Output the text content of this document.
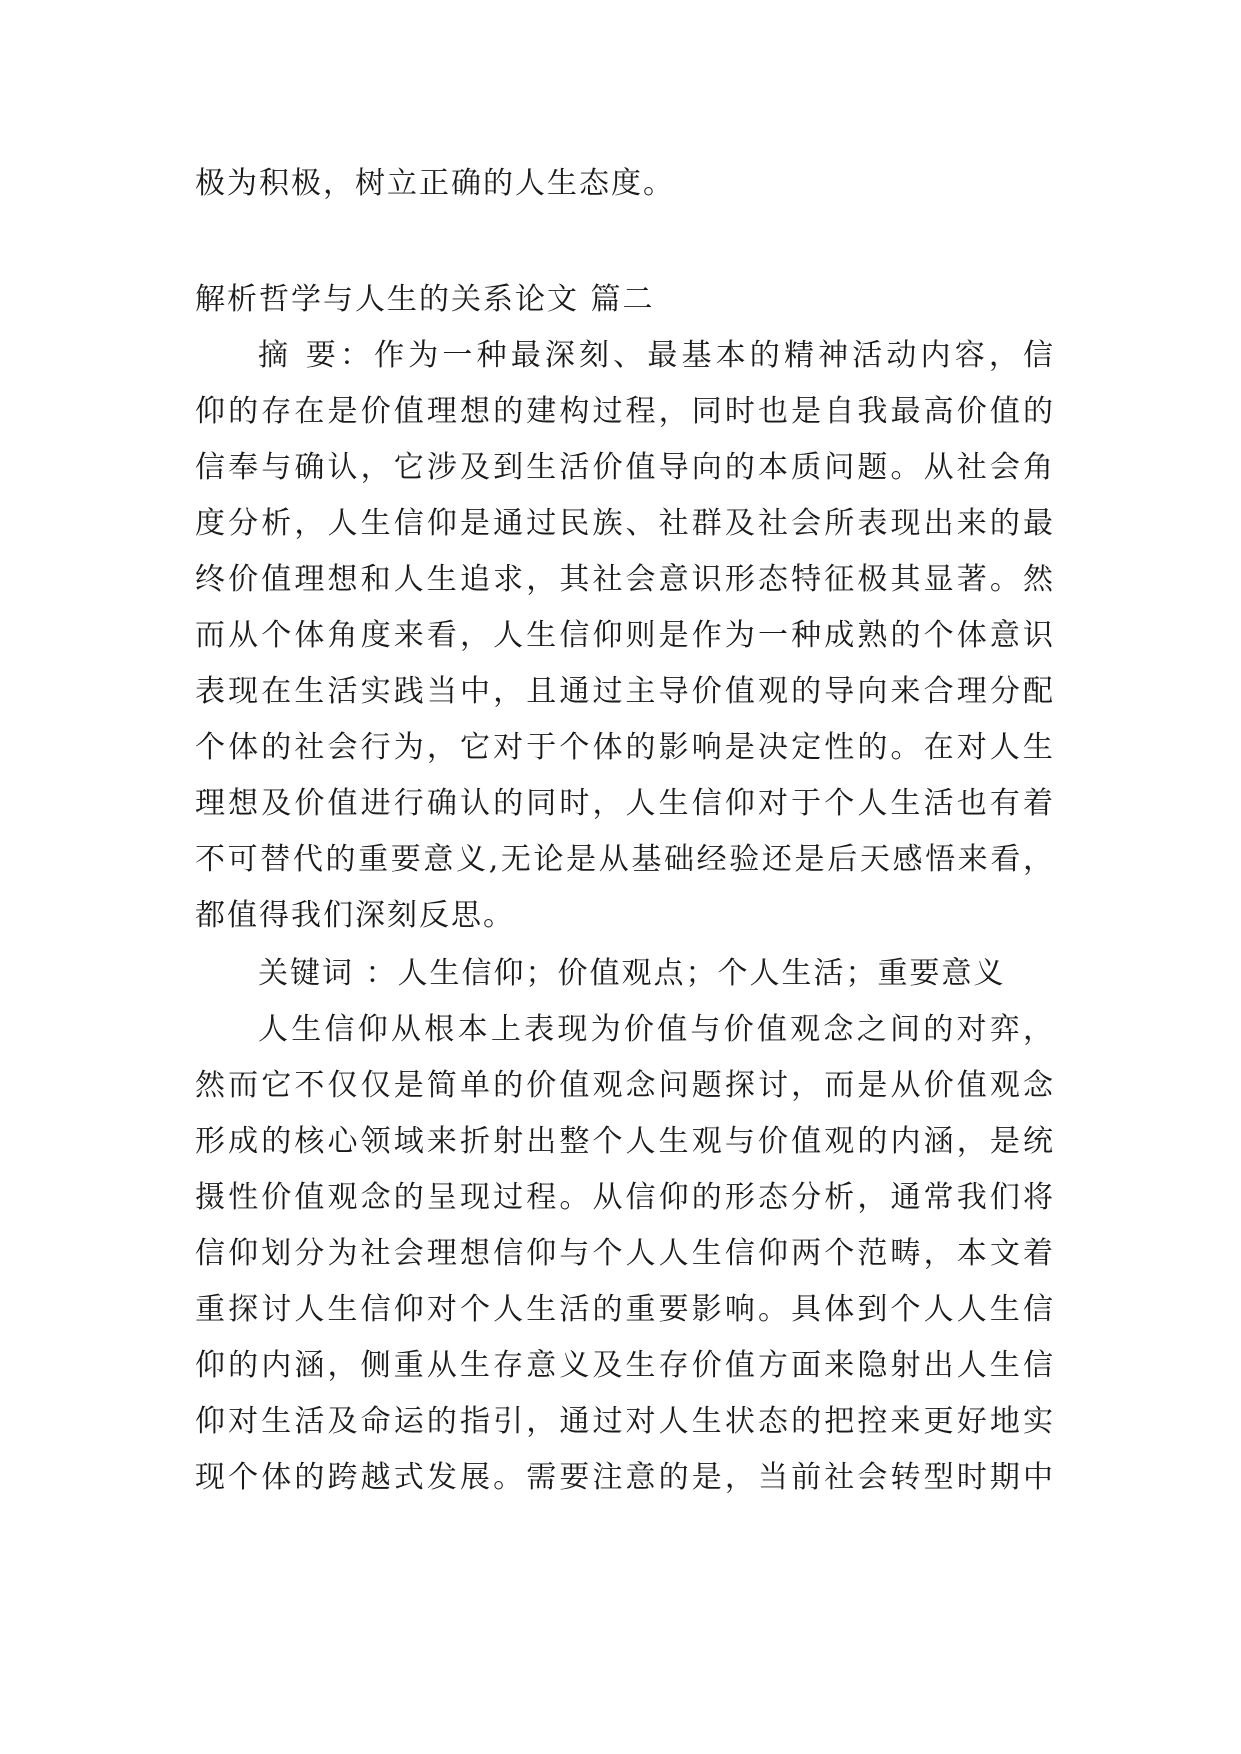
极为积极，树立正确的人生态度。
解析哲学与人生的关系论文 篇二
摘 要：作为一种最深刻、最基本的精神活动内容，信
仰的存在是价值理想的建构过程，同时也是自我最高价值的
信奉与确认，它涉及到生活价值导向的本质问题。从社会角
度分析，人生信仰是通过民族、社群及社会所表现出来的最
终价值理想和人生追求，其社会意识形态特征极其显著。然
而从个体角度来看，人生信仰则是作为一种成熟的个体意识
表现在生活实践当中，且通过主导价值观的导向来合理分配
个体的社会行为，它对于个体的影响是决定性的。在对人生
理想及价值进行确认的同时，人生信仰对于个人生活也有着
不可替代的重要意义,无论是从基础经验还是后天感悟来看，
都值得我们深刻反思。
关键词 ：人生信仰；价值观点；个人生活；重要意义
人生信仰从根本上表现为价值与价值观念之间的对弈，
然而它不仅仅是简单的价值观念问题探讨，而是从价值观念
形成的核心领域来折射出整个人生观与价值观的内涵，是统
摄性价值观念的呈现过程。从信仰的形态分析，通常我们将
信仰划分为社会理想信仰与个人人生信仰两个范畴，本文着
重探讨人生信仰对个人生活的重要影响。具体到个人人生信
仰的内涵，侧重从生存意义及生存价值方面来隐射出人生信
仰对生活及命运的指引，通过对人生状态的把控来更好地实
现个体的跨越式发展。需要注意的是，当前社会转型时期中
